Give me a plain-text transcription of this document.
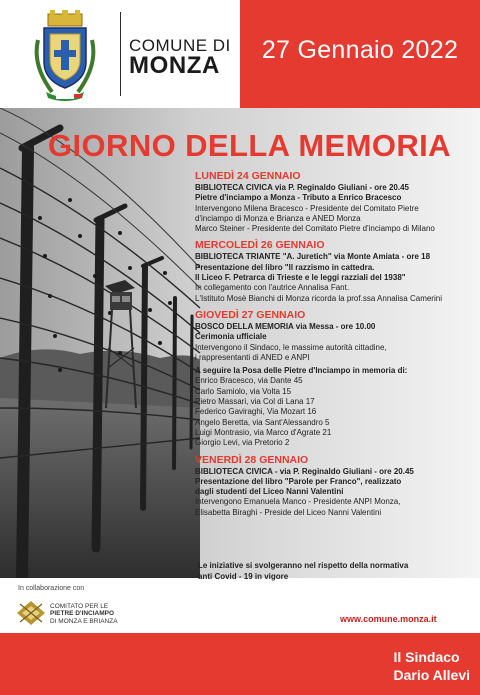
27 Gennaio 2022
COMUNE DI
MONZA
GIORNO DELLA MEMORIA
LUNEDÌ 24 GENNAIO
BIBLIOTECA CIVICA via P. Reginaldo Giuliani - ore 20.45
Pietre d'inciampo a Monza - Tributo a Enrico Bracesco
Intervengono Milena Bracesco - Presidente del Comitato Pietre
d'inciampo di Monza e Brianza e ANED Monza
Marco Steiner - Presidente del Comitato Pietre d'inciampo di Milano
MERCOLEDÌ 26 GENNAIO
BIBLIOTECA TRIANTE "A. Juretich" via Monte Amiata - ore 18
Presentazione del libro "Il razzismo in cattedra.
Il Liceo F. Petrarca di Trieste e le leggi razziali del 1938"
In collegamento con l'autrice Annalisa Fant.
L'Istituto Mosè Bianchi di Monza ricorda la prof.ssa Annalisa Camerini
GIOVEDÌ 27 GENNAIO
BOSCO DELLA MEMORIA via Messa - ore 10.00
Cerimonia ufficiale
Intervengono il Sindaco, le massime autorità cittadine,
i rappresentanti di ANED e ANPI
A seguire la Posa delle Pietre d'Inciampo in memoria di:
Enrico Bracesco, via Dante 45
Carlo Samiolo, via Volta 15
Pietro Massari, via Col di Lana 17
Federico Gaviraghi, Via Mozart 16
Angelo Beretta, via Sant'Alessandro 5
Luigi Montrasio, via Marco d'Agrate 21
Giorgio Levi, via Pretorio 2
VENERDÌ 28 GENNAIO
BIBLIOTECA CIVICA - via P. Reginaldo Giuliani - ore 20.45
Presentazione del libro "Parole per Franco", realizzato
dagli studenti del Liceo Nanni Valentini
Intervengono Emanuela Manco - Presidente ANPI Monza,
Elisabetta Biraghi - Preside del Liceo Nanni Valentini
Le iniziative si svolgeranno nel rispetto della normativa
anti Covid - 19 in vigore
In collaborazione con
COMITATO PER LE
PIETRE D'INCIAMPO
DI MONZA E BRIANZA	www.comune.monza.it
Il Sindaco
Dario Allevi
